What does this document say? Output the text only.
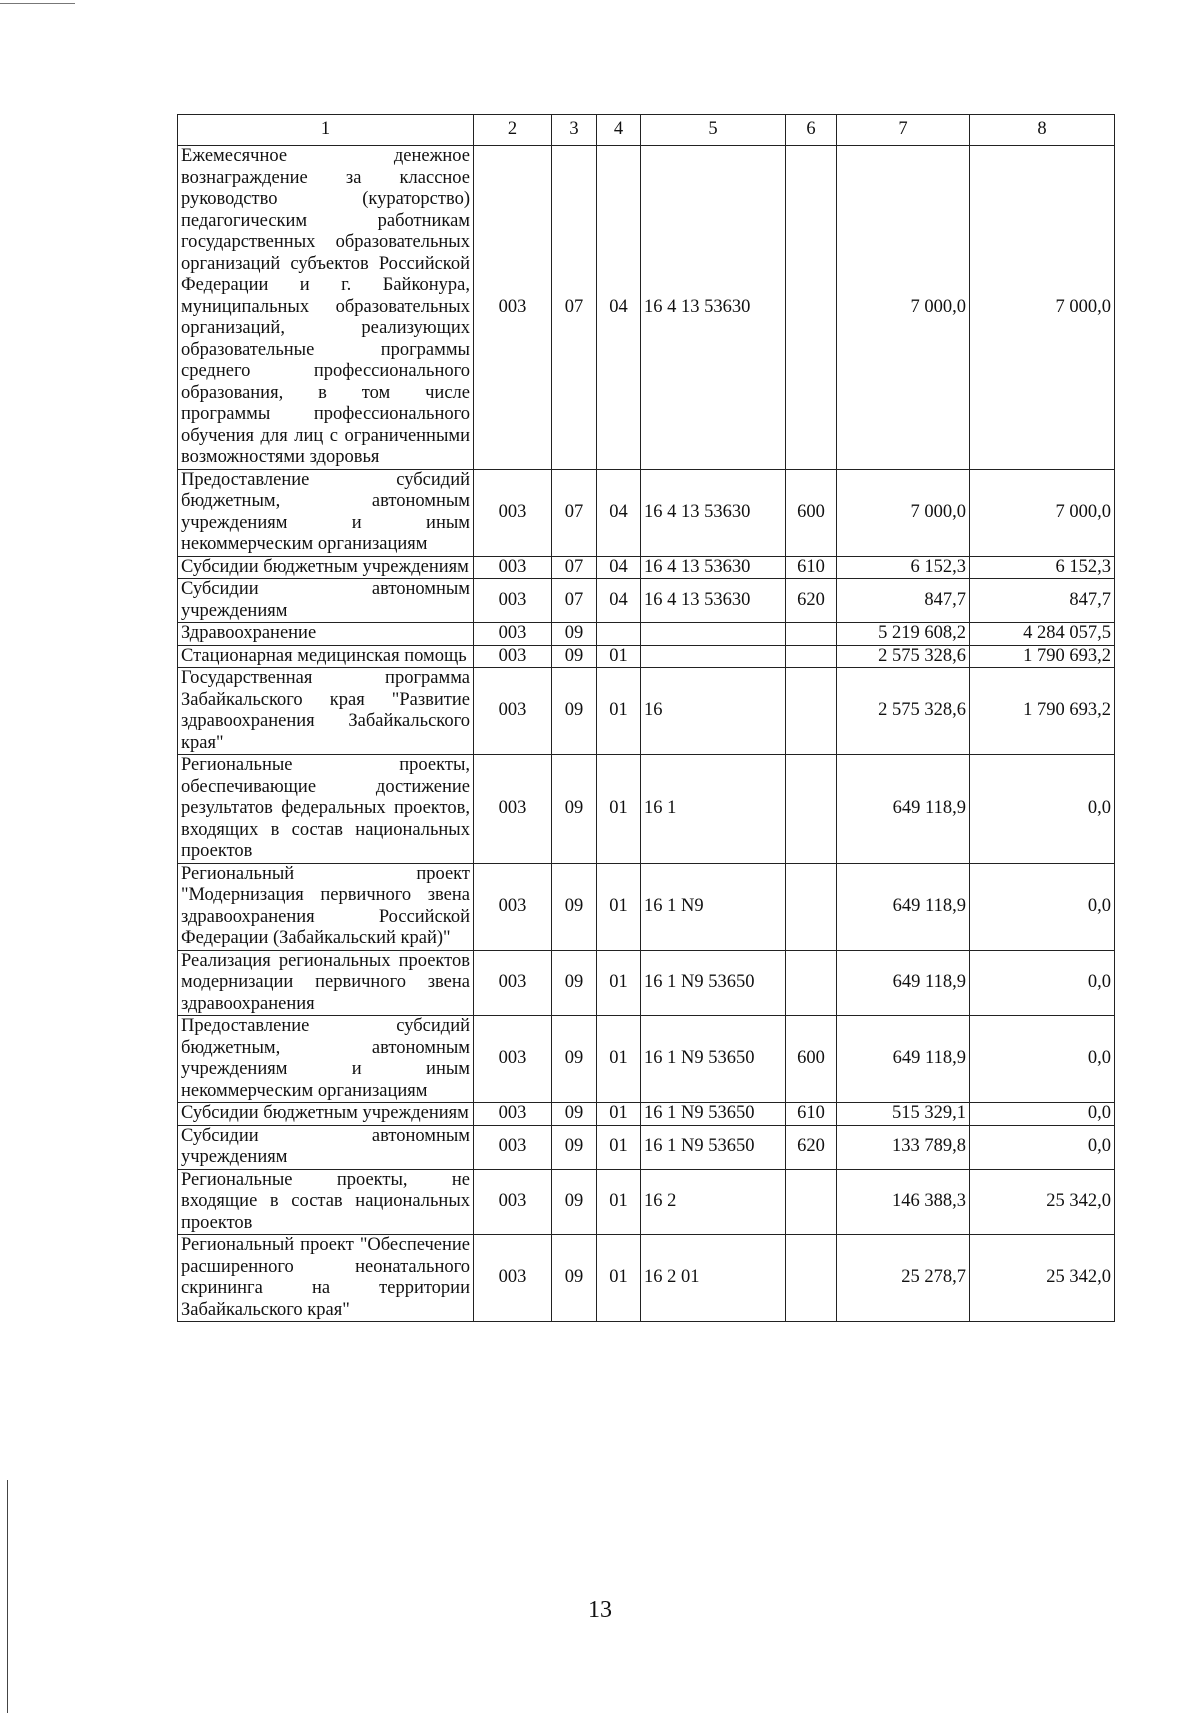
1	2	3	4	5	6	7	8
Ежемесячное денежное вознаграждение за классное руководство (кураторство) педагогическим работникам государственных образовательных организаций субъектов Российской Федерации и г. Байконура, муниципальных образовательных организаций, реализующих образовательные программы среднего профессионального образования, в том числе программы профессионального обучения для лиц с ограниченными возможностями здоровья	003	07	04	16 4 13 53630		7 000,0	7 000,0
Предоставление субсидий бюджетным, автономным учреждениям и иным некоммерческим организациям	003	07	04	16 4 13 53630	600	7 000,0	7 000,0
Субсидии бюджетным учреждениям	003	07	04	16 4 13 53630	610	6 152,3	6 152,3
Субсидии автономным учреждениям	003	07	04	16 4 13 53630	620	847,7	847,7
Здравоохранение	003	09				5 219 608,2	4 284 057,5
Стационарная медицинская помощь	003	09	01			2 575 328,6	1 790 693,2
Государственная программа Забайкальского края "Развитие здравоохранения Забайкальского края"	003	09	01	16		2 575 328,6	1 790 693,2
Региональные проекты, обеспечивающие достижение результатов федеральных проектов, входящих в состав национальных проектов	003	09	01	16 1		649 118,9	0,0
Региональный проект "Модернизация первичного звена здравоохранения Российской Федерации (Забайкальский край)"	003	09	01	16 1 N9		649 118,9	0,0
Реализация региональных проектов модернизации первичного звена здравоохранения	003	09	01	16 1 N9 53650		649 118,9	0,0
Предоставление субсидий бюджетным, автономным учреждениям и иным некоммерческим организациям	003	09	01	16 1 N9 53650	600	649 118,9	0,0
Субсидии бюджетным учреждениям	003	09	01	16 1 N9 53650	610	515 329,1	0,0
Субсидии автономным учреждениям	003	09	01	16 1 N9 53650	620	133 789,8	0,0
Региональные проекты, не входящие в состав национальных проектов	003	09	01	16 2		146 388,3	25 342,0
Региональный проект "Обеспечение расширенного неонатального скрининга на территории Забайкальского края"	003	09	01	16 2 01		25 278,7	25 342,0
13
